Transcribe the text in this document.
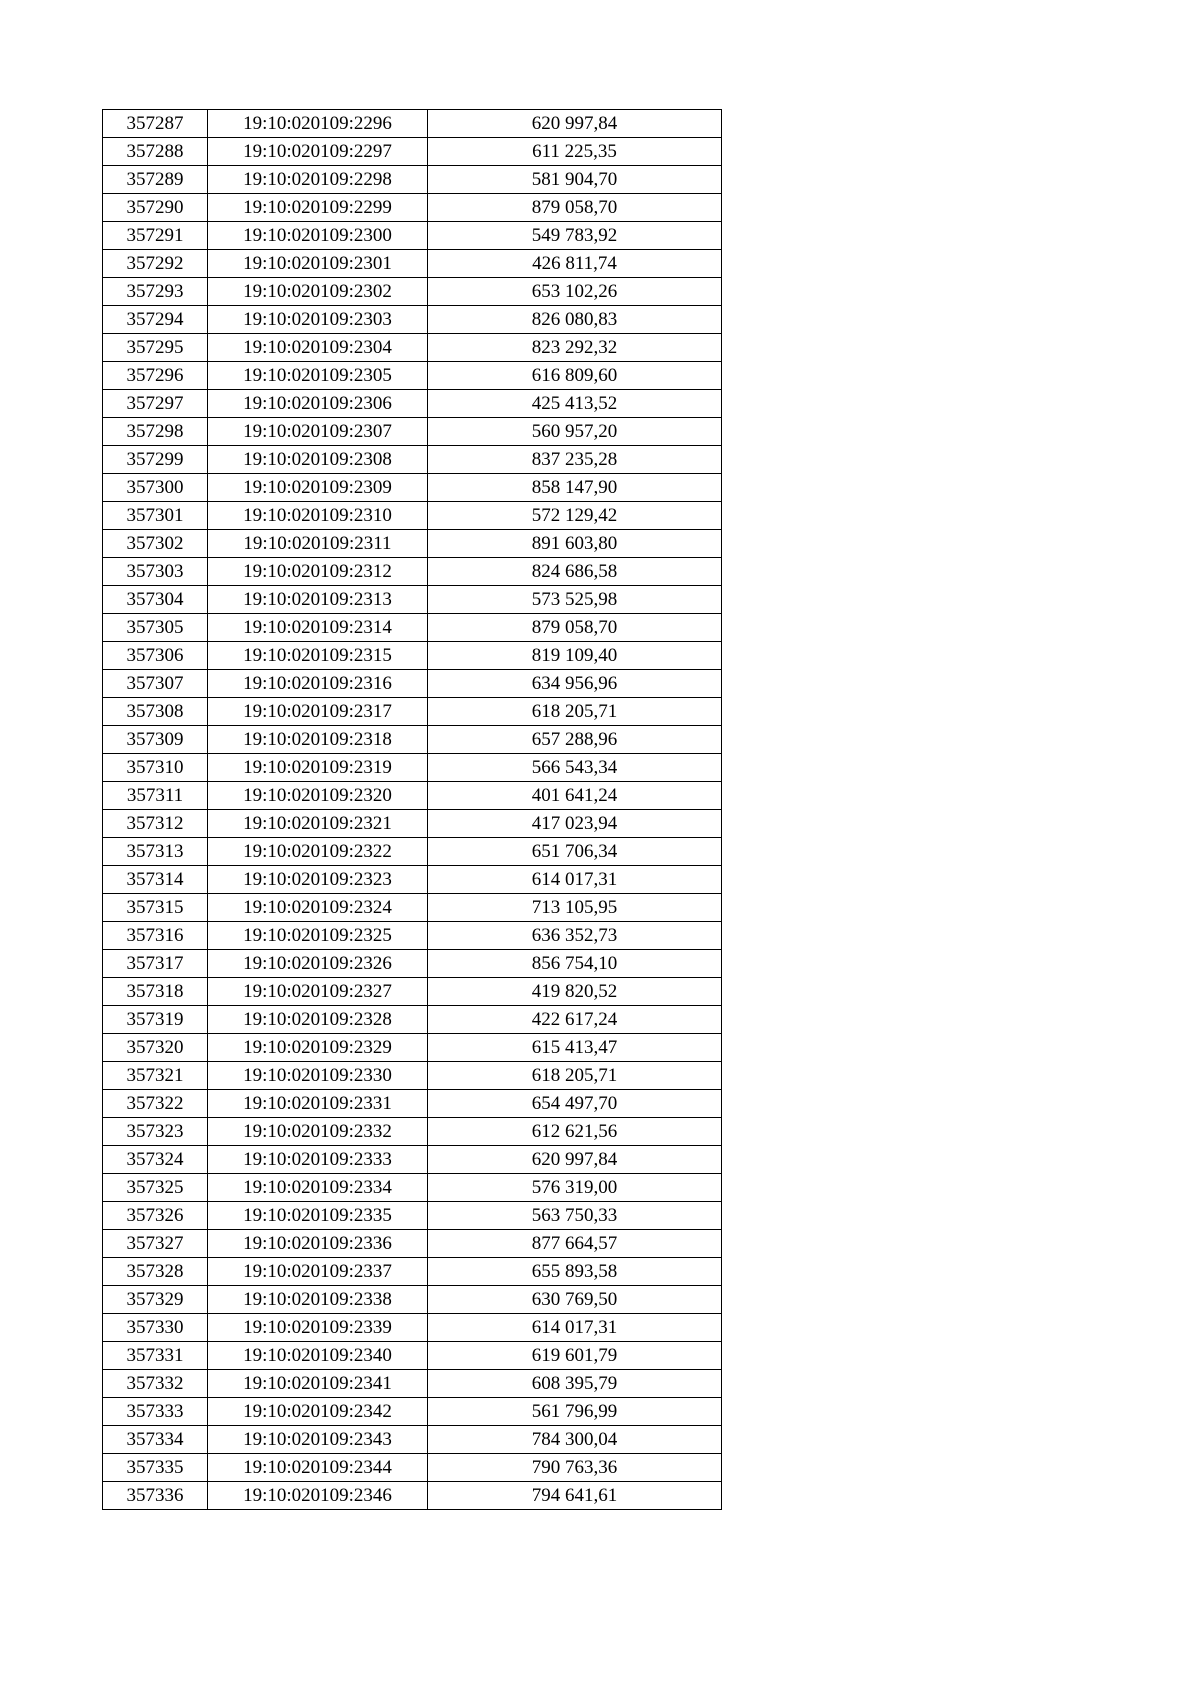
357287	19:10:020109:2296	620 997,84
357288	19:10:020109:2297	611 225,35
357289	19:10:020109:2298	581 904,70
357290	19:10:020109:2299	879 058,70
357291	19:10:020109:2300	549 783,92
357292	19:10:020109:2301	426 811,74
357293	19:10:020109:2302	653 102,26
357294	19:10:020109:2303	826 080,83
357295	19:10:020109:2304	823 292,32
357296	19:10:020109:2305	616 809,60
357297	19:10:020109:2306	425 413,52
357298	19:10:020109:2307	560 957,20
357299	19:10:020109:2308	837 235,28
357300	19:10:020109:2309	858 147,90
357301	19:10:020109:2310	572 129,42
357302	19:10:020109:2311	891 603,80
357303	19:10:020109:2312	824 686,58
357304	19:10:020109:2313	573 525,98
357305	19:10:020109:2314	879 058,70
357306	19:10:020109:2315	819 109,40
357307	19:10:020109:2316	634 956,96
357308	19:10:020109:2317	618 205,71
357309	19:10:020109:2318	657 288,96
357310	19:10:020109:2319	566 543,34
357311	19:10:020109:2320	401 641,24
357312	19:10:020109:2321	417 023,94
357313	19:10:020109:2322	651 706,34
357314	19:10:020109:2323	614 017,31
357315	19:10:020109:2324	713 105,95
357316	19:10:020109:2325	636 352,73
357317	19:10:020109:2326	856 754,10
357318	19:10:020109:2327	419 820,52
357319	19:10:020109:2328	422 617,24
357320	19:10:020109:2329	615 413,47
357321	19:10:020109:2330	618 205,71
357322	19:10:020109:2331	654 497,70
357323	19:10:020109:2332	612 621,56
357324	19:10:020109:2333	620 997,84
357325	19:10:020109:2334	576 319,00
357326	19:10:020109:2335	563 750,33
357327	19:10:020109:2336	877 664,57
357328	19:10:020109:2337	655 893,58
357329	19:10:020109:2338	630 769,50
357330	19:10:020109:2339	614 017,31
357331	19:10:020109:2340	619 601,79
357332	19:10:020109:2341	608 395,79
357333	19:10:020109:2342	561 796,99
357334	19:10:020109:2343	784 300,04
357335	19:10:020109:2344	790 763,36
357336	19:10:020109:2346	794 641,61
